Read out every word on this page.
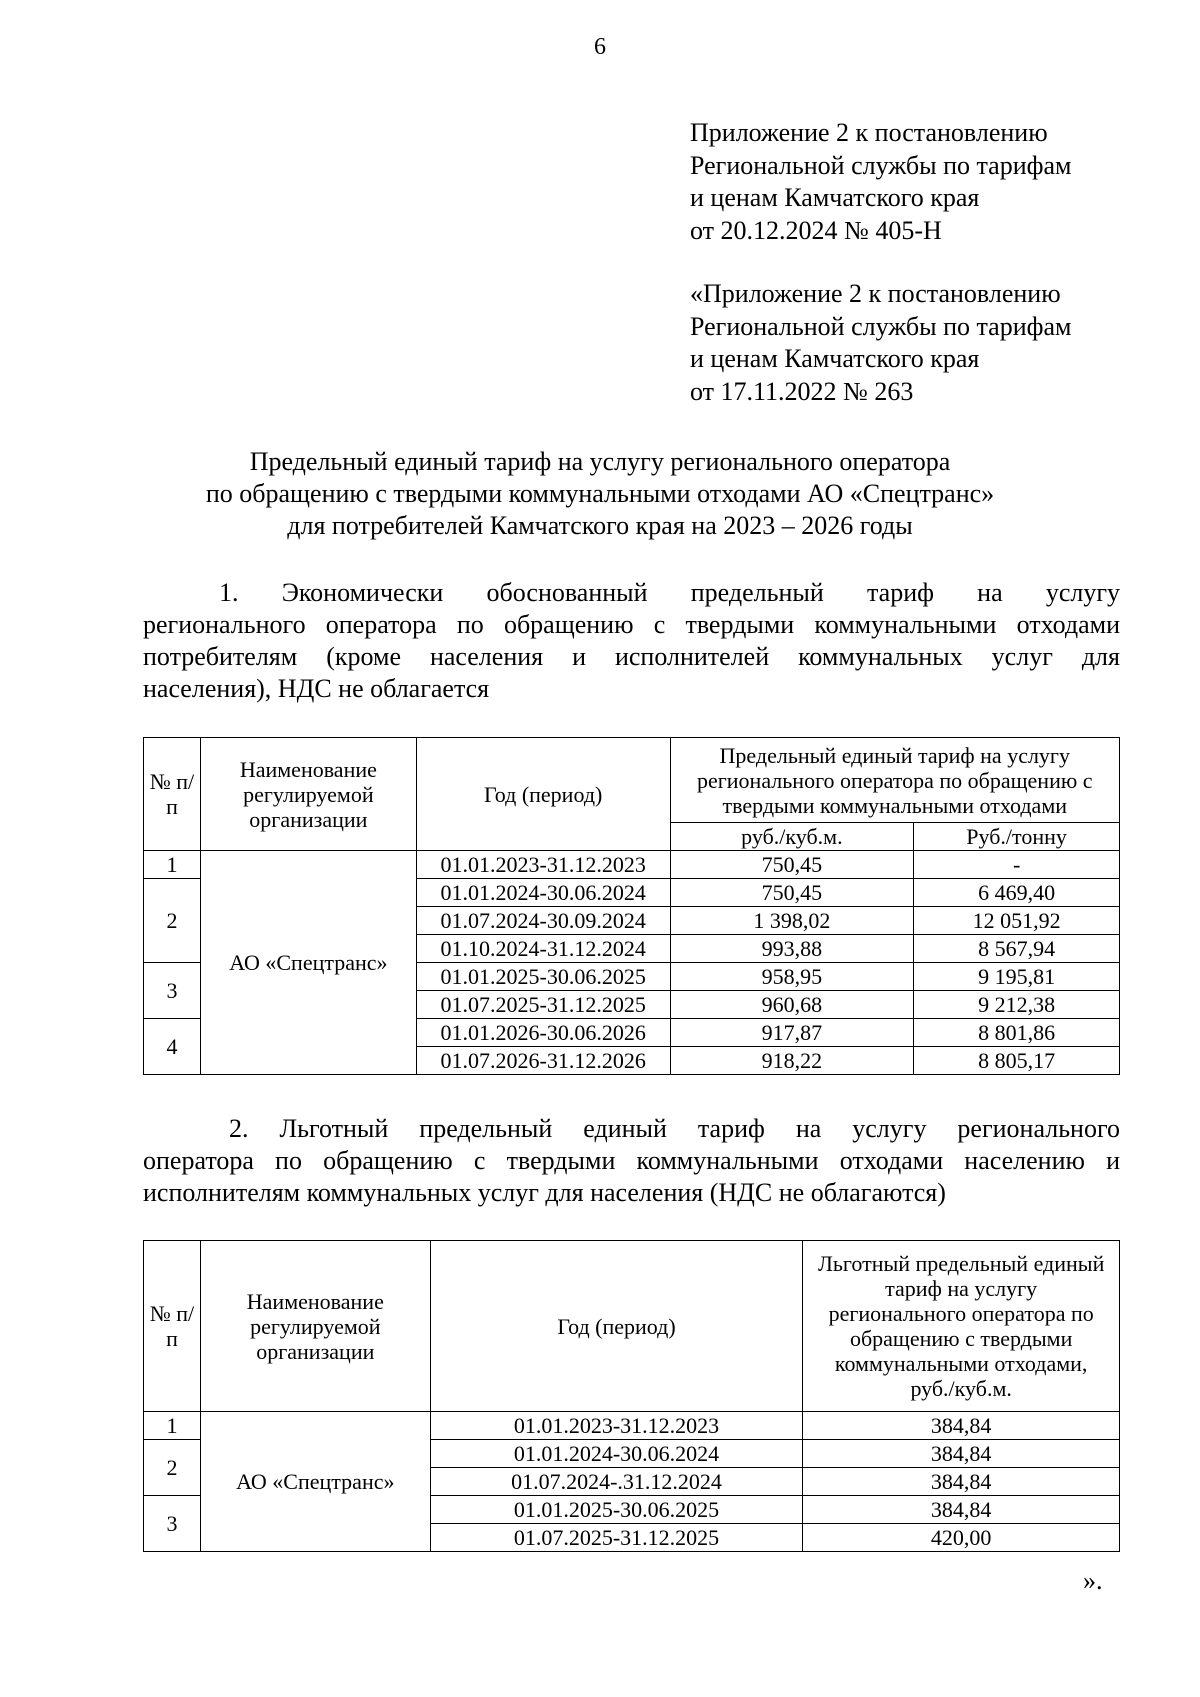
6
Приложение 2 к постановлению
Региональной службы по тарифам
и ценам Камчатского края
от 20.12.2024 № 405-Н
«Приложение 2 к постановлению
Региональной службы по тарифам
и ценам Камчатского края
от 17.11.2022 № 263
Предельный единый тариф на услугу регионального оператора
по обращению с твердыми коммунальными отходами АО «Спецтранс»
для потребителей Камчатского края на 2023 – 2026 годы
1. Экономически обоснованный предельный тариф на услугу
регионального оператора по обращению с твердыми коммунальными отходами
потребителям (кроме населения и исполнителей коммунальных услуг для
населения), НДС не облагается
№ п/п	Наименование регулируемой организации	Год (период)	Предельный единый тариф на услугу регионального оператора по обращению с твердыми коммунальными отходами	
			руб./куб.м.	Руб./тонну
1	АО «Спецтранс»	01.01.2023-31.12.2023	750,45	-
2		01.01.2024-30.06.2024	750,45	6 469,40
		01.07.2024-30.09.2024	1 398,02	12 051,92
		01.10.2024-31.12.2024	993,88	8 567,94
3		01.01.2025-30.06.2025	958,95	9 195,81
		01.07.2025-31.12.2025	960,68	9 212,38
4		01.01.2026-30.06.2026	917,87	8 801,86
		01.07.2026-31.12.2026	918,22	8 805,17
2. Льготный предельный единый тариф на услугу регионального
оператора по обращению с твердыми коммунальными отходами населению и
исполнителям коммунальных услуг для населения (НДС не облагаются)
№ п/п	Наименование регулируемой организации	Год (период)	Льготный предельный единый тариф на услугу регионального оператора по обращению с твердыми коммунальными отходами, руб./куб.м.
1	АО «Спецтранс»	01.01.2023-31.12.2023	384,84
2		01.01.2024-30.06.2024	384,84
		01.07.2024-.31.12.2024	384,84
3		01.01.2025-30.06.2025	384,84
		01.07.2025-31.12.2025	420,00
».
